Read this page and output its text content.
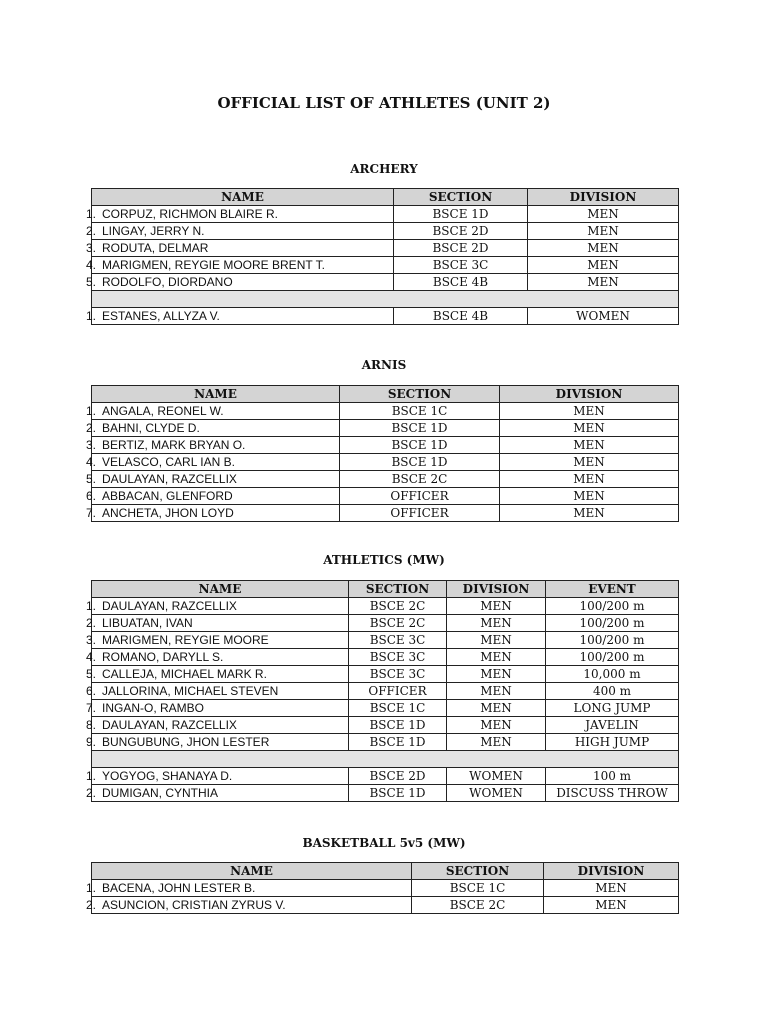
OFFICIAL LIST OF ATHLETES (UNIT 2)
ARCHERY
NAME	SECTION	DIVISION
1. CORPUZ, RICHMON BLAIRE R.	BSCE 1D	MEN
2. LINGAY, JERRY N.	BSCE 2D	MEN
3. RODUTA, DELMAR	BSCE 2D	MEN
4. MARIGMEN, REYGIE MOORE BRENT T.	BSCE 3C	MEN
5. RODOLFO, DIORDANO	BSCE 4B	MEN

1. ESTANES, ALLYZA V.	BSCE 4B	WOMEN
ARNIS
NAME	SECTION	DIVISION
1. ANGALA, REONEL W.	BSCE 1C	MEN
2. BAHNI, CLYDE D.	BSCE 1D	MEN
3. BERTIZ, MARK BRYAN O.	BSCE 1D	MEN
4. VELASCO, CARL IAN B.	BSCE 1D	MEN
5. DAULAYAN, RAZCELLIX	BSCE 2C	MEN
6. ABBACAN, GLENFORD	OFFICER	MEN
7. ANCHETA, JHON LOYD	OFFICER	MEN
ATHLETICS (MW)
NAME	SECTION	DIVISION	EVENT
1. DAULAYAN, RAZCELLIX	BSCE 2C	MEN	100/200 m
2. LIBUATAN, IVAN	BSCE 2C	MEN	100/200 m
3. MARIGMEN, REYGIE MOORE	BSCE 3C	MEN	100/200 m
4. ROMANO, DARYLL S.	BSCE 3C	MEN	100/200 m
5. CALLEJA, MICHAEL MARK R.	BSCE 3C	MEN	10,000 m
6. JALLORINA, MICHAEL STEVEN	OFFICER	MEN	400 m
7. INGAN-O, RAMBO	BSCE 1C	MEN	LONG JUMP
8. DAULAYAN, RAZCELLIX	BSCE 1D	MEN	JAVELIN
9. BUNGUBUNG, JHON LESTER	BSCE 1D	MEN	HIGH JUMP

1. YOGYOG, SHANAYA D.	BSCE 2D	WOMEN	100 m
2. DUMIGAN, CYNTHIA	BSCE 1D	WOMEN	DISCUSS THROW
BASKETBALL 5v5 (MW)
NAME	SECTION	DIVISION
1. BACENA, JOHN LESTER B.	BSCE 1C	MEN
2. ASUNCION, CRISTIAN ZYRUS V.	BSCE 2C	MEN
